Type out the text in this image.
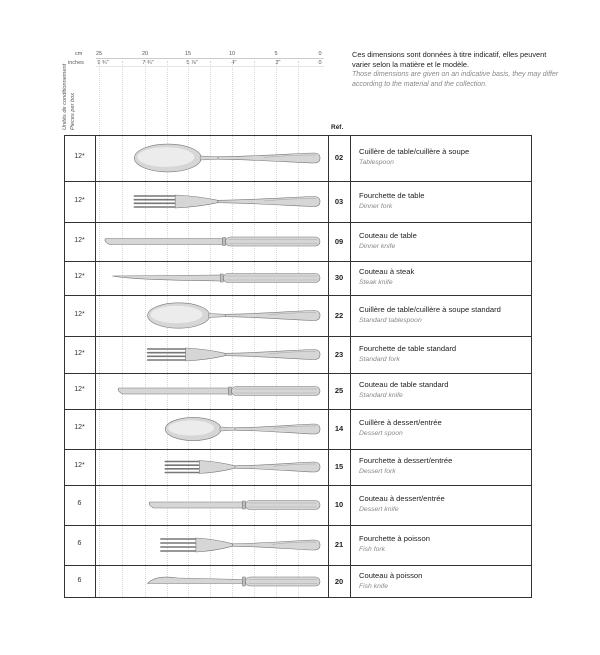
cm
inches
25	20	15	10	5	0
9 ¾"	7 ¾"	5 ⅞"	4"	2"	0
Unités de conditionnement Pieces per box
Ces dimensions sont données à titre indicatif, elles peuvent varier selon la matière et le modèle.
Those dimensions are given on an indicative basis, they may differ according to the material and the collection.
Réf.
12*	02
Cuillère de table/cuillère à soupe
Tablespoon
12*	03
Fourchette de table
Dinner fork
12*	09
Couteau de table
Dinner knife
12*	30
Couteau à steak
Steak knife
12*	22
Cuillère de table/cuillère à soupe standard
Standard tablespoon
12*	23
Fourchette de table standard
Standard fork
12*	25
Couteau de table standard
Standard knife
12*	14
Cuillère à dessert/entrée
Dessert spoon
12*	15
Fourchette à dessert/entrée
Dessert fork
6	10
Couteau à dessert/entrée
Dessert knife
6	21
Fourchette à poisson
Fish fork
6	20
Couteau à poisson
Fish knife
